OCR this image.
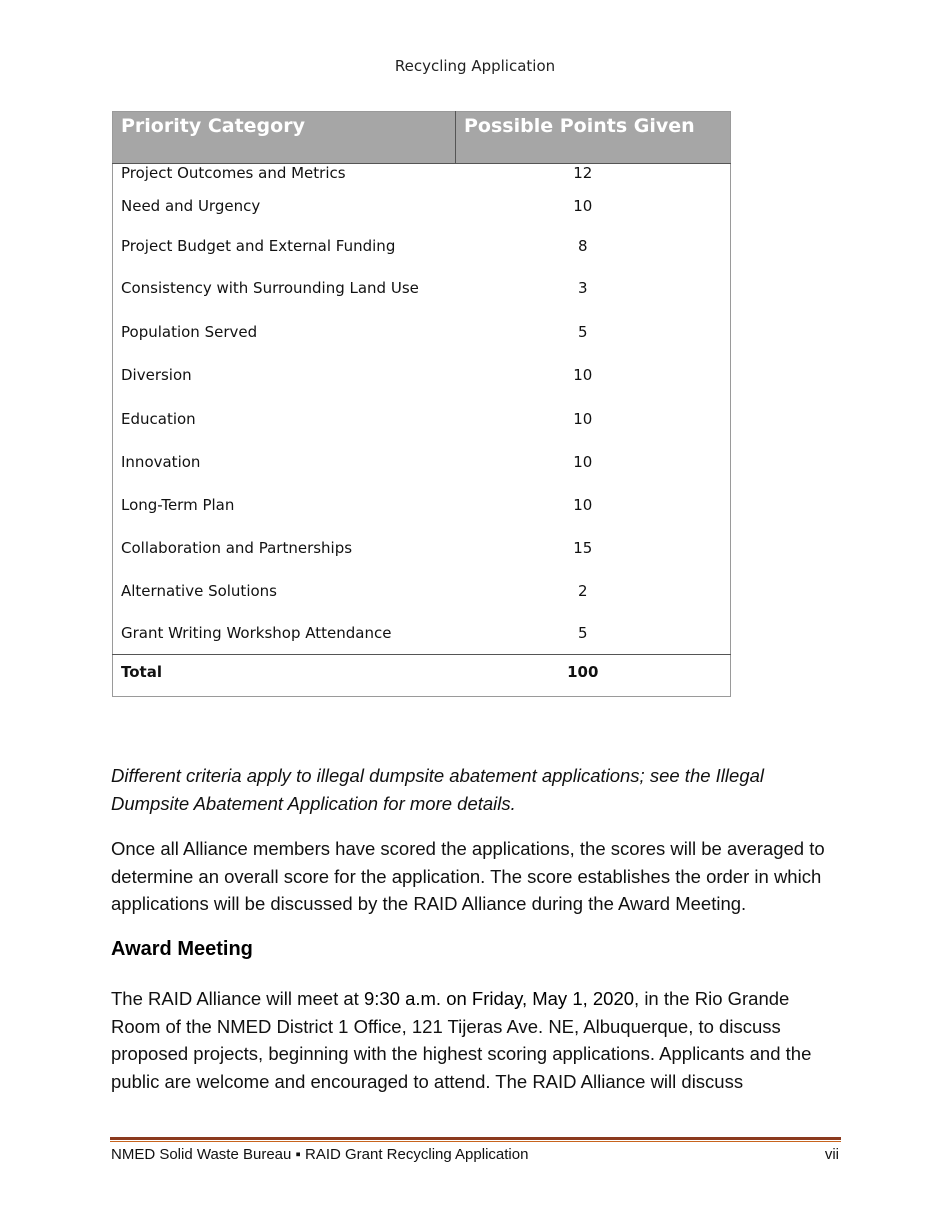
Recycling Application
Priority Category	Possible Points Given
Project Outcomes and Metrics	12
Need and Urgency	10
Project Budget and External Funding	8
Consistency with Surrounding Land Use	3
Population Served	5
Diversion	10
Education	10
Innovation	10
Long-Term Plan	10
Collaboration and Partnerships	15
Alternative Solutions	2
Grant Writing Workshop Attendance	5
Total	100

Different criteria apply to illegal dumpsite abatement applications; see the Illegal Dumpsite Abatement Application for more details.

Once all Alliance members have scored the applications, the scores will be averaged to determine an overall score for the application. The score establishes the order in which applications will be discussed by the RAID Alliance during the Award Meeting.

Award Meeting

The RAID Alliance will meet at 9:30 a.m. on Friday, May 1, 2020, in the Rio Grande Room of the NMED District 1 Office, 121 Tijeras Ave. NE, Albuquerque, to discuss proposed projects, beginning with the highest scoring applications. Applicants and the public are welcome and encouraged to attend. The RAID Alliance will discuss

NMED Solid Waste Bureau ▪ RAID Grant Recycling Application	vii
